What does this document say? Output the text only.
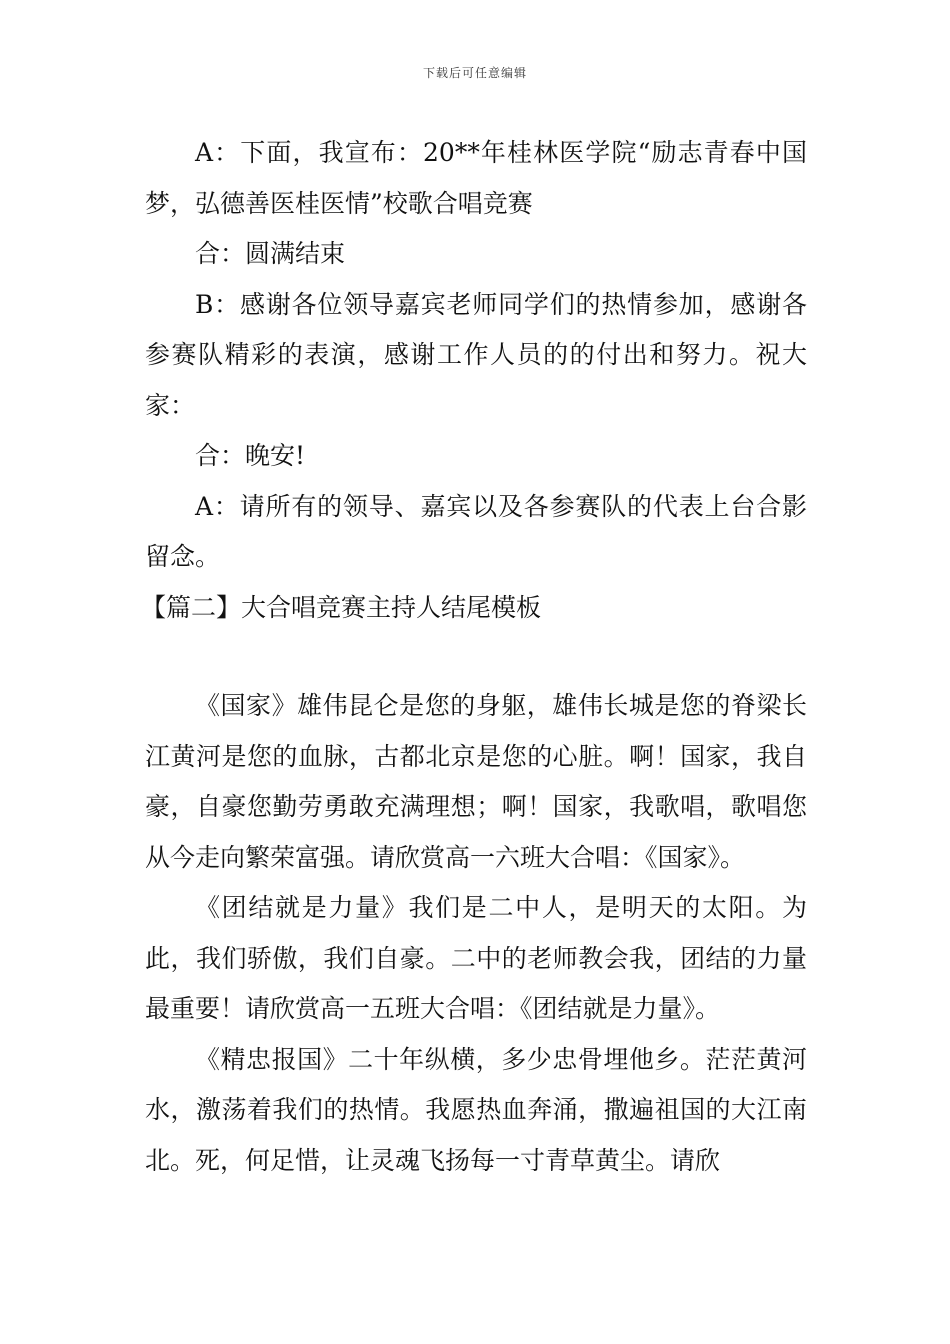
下载后可任意编辑

A：下面，我宣布：20**年桂林医学院“励志青春中国梦，弘德善医桂医情”校歌合唱竞赛

合：圆满结束

B：感谢各位领导嘉宾老师同学们的热情参加，感谢各参赛队精彩的表演，感谢工作人员的的付出和努力。祝大家：

合：晚安!

A：请所有的领导、嘉宾以及各参赛队的代表上台合影留念。

【篇二】大合唱竞赛主持人结尾模板

《国家》雄伟昆仑是您的身躯，雄伟长城是您的脊梁长江黄河是您的血脉，古都北京是您的心脏。啊！国家，我自豪，自豪您勤劳勇敢充满理想；啊！国家，我歌唱，歌唱您从今走向繁荣富强。请欣赏高一六班大合唱：《国家》。

《团结就是力量》我们是二中人，是明天的太阳。为此，我们骄傲，我们自豪。二中的老师教会我，团结的力量最重要！请欣赏高一五班大合唱：《团结就是力量》。

《精忠报国》二十年纵横，多少忠骨埋他乡。茫茫黄河水，激荡着我们的热情。我愿热血奔涌，撒遍祖国的大江南北。死，何足惜，让灵魂飞扬每一寸青草黄尘。请欣
